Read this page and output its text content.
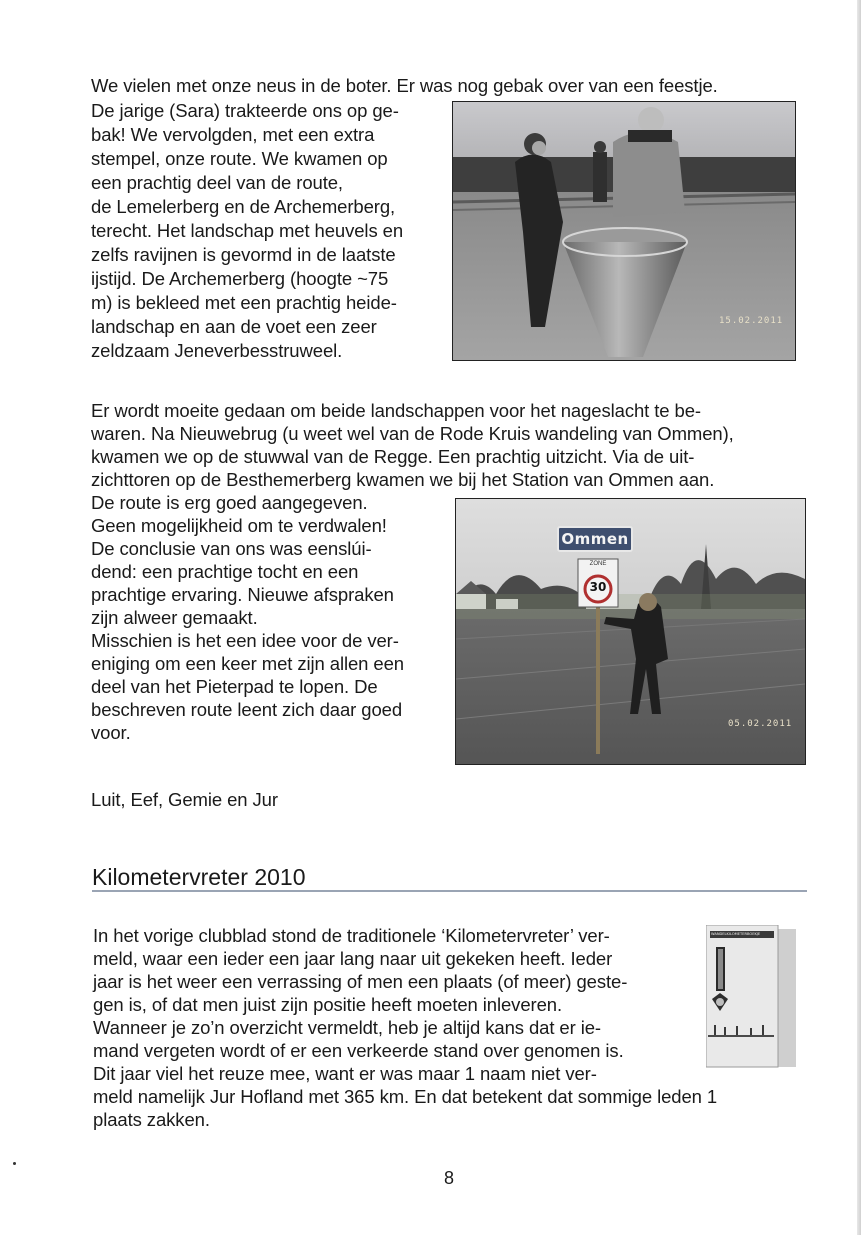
We vielen met onze neus in de boter. Er was nog gebak over van een feestje.
De jarige (Sara) trakteerde ons op ge-
bak! We vervolgden, met een extra
stempel, onze route. We kwamen op
een prachtig deel van de route,
de Lemelerberg en de Archemerberg,
terecht. Het landschap met heuvels en
zelfs ravijnen is gevormd in de laatste
ijstijd. De Archemerberg (hoogte ~75
m) is bekleed met een prachtig heide-
landschap en aan de voet een zeer
zeldzaam Jeneverbesstruweel.
15.02.2011
Er wordt moeite gedaan om beide landschappen voor het nageslacht te be-
waren. Na Nieuwebrug (u weet wel van de Rode Kruis wandeling van Ommen),
kwamen we op de stuwwal van de Regge. Een prachtig uitzicht. Via de uit-
zichttoren op de Besthemerberg kwamen we bij het Station van Ommen aan.
De route is erg goed aangegeven.
Geen mogelijkheid om te verdwalen!
De conclusie van ons was eenslúi-
dend: een prachtige tocht en een
prachtige ervaring. Nieuwe afspraken
zijn alweer gemaakt.
Misschien is het een idee voor de ver-
eniging om een keer met zijn allen een
deel van het Pieterpad te lopen. De
beschreven route leent zich daar goed
voor.
Ommen
ZONE
30
05.02.2011
Luit, Eef, Gemie en Jur
Kilometervreter 2010
In het vorige clubblad stond de traditionele ‘Kilometervreter’ ver-
meld, waar een ieder een jaar lang naar uit gekeken heeft. Ieder
jaar is het weer een verrassing of men een plaats (of meer) geste-
gen is, of dat men juist zijn positie heeft moeten inleveren.
Wanneer je zo’n overzicht vermeldt, heb je altijd kans dat er ie-
mand vergeten wordt of er een verkeerde stand over genomen is.
Dit jaar viel het reuze mee, want er was maar 1 naam niet ver-
meld namelijk Jur Hofland met 365 km. En dat betekent dat sommige leden 1
plaats zakken.
WANDELKILOMETERBOEKJE
8
